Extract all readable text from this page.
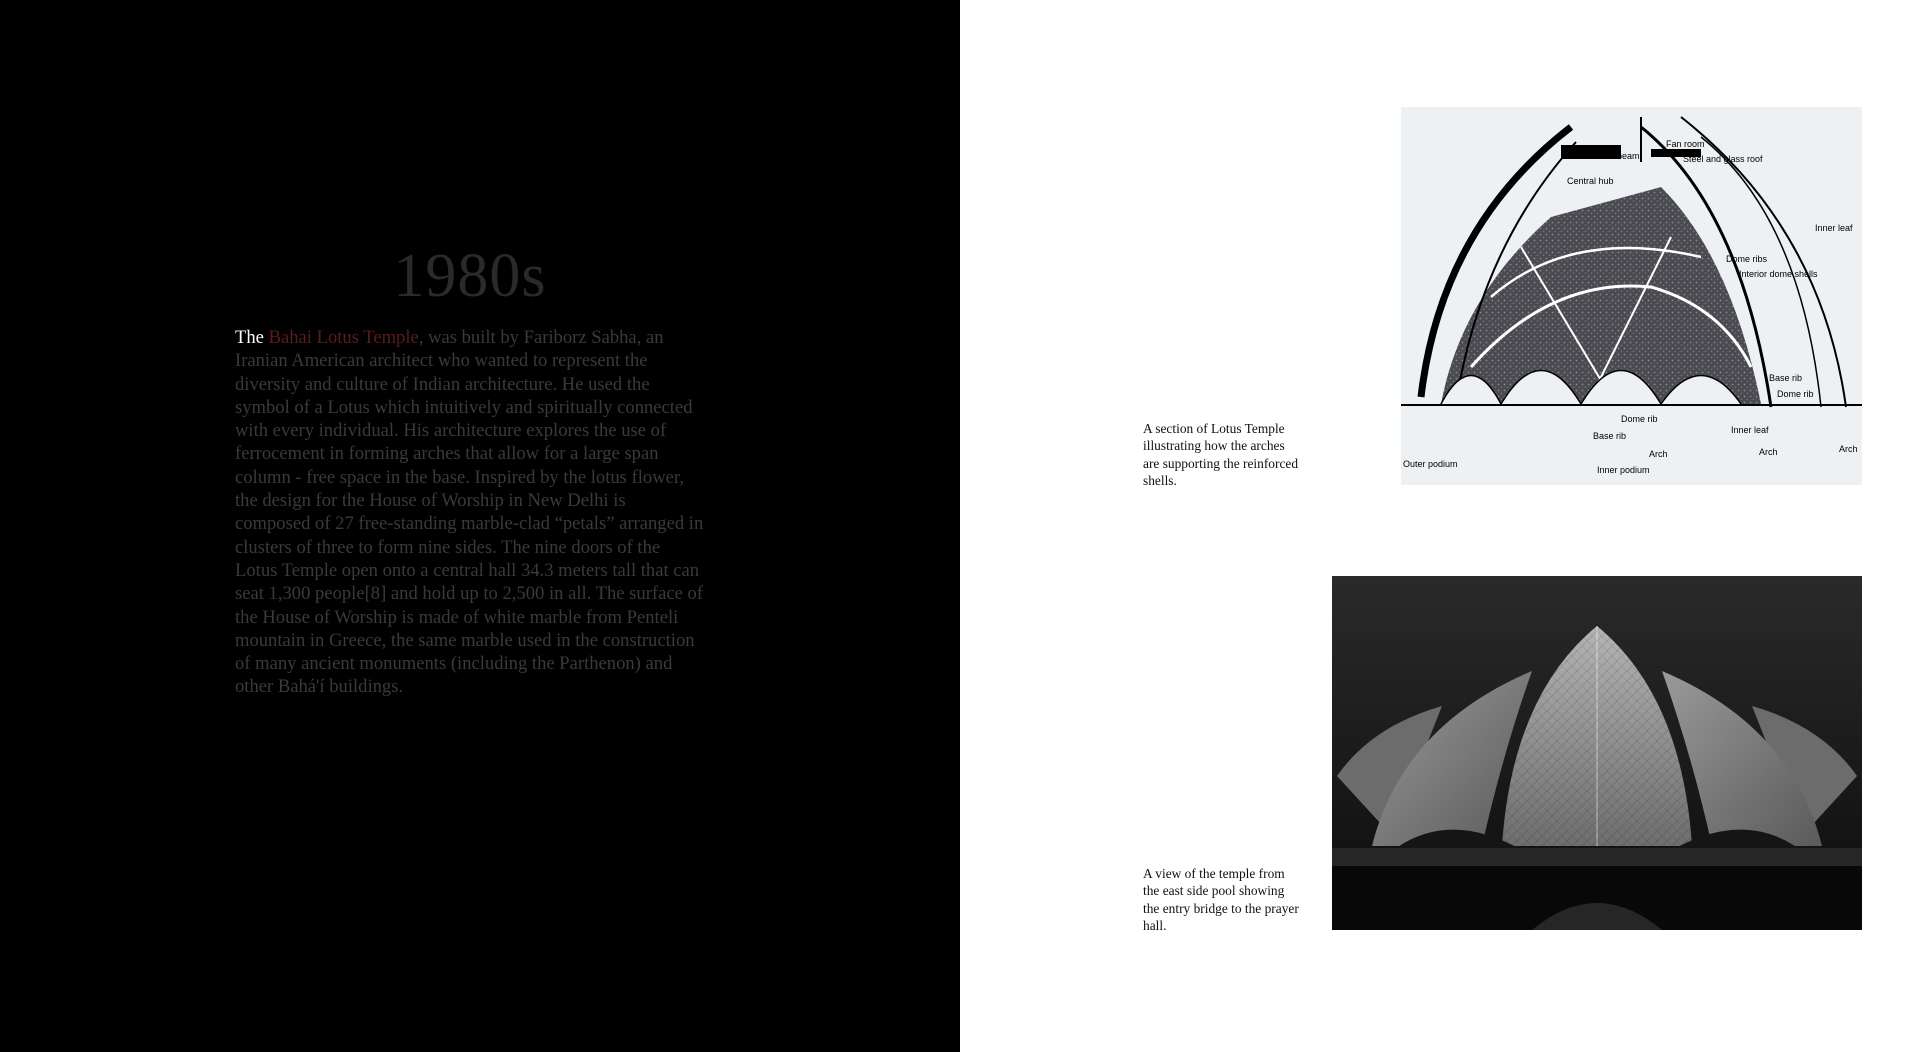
1980s
The Bahai Lotus Temple, was built by Fariborz Sabha, an Iranian American architect who wanted to represent the diversity and culture of Indian architecture. He used the symbol of a Lotus which intuitively and spiritually connected with every individual. His architecture explores the use of ferrocement in forming arches that allow for a large span column - free space in the base. Inspired by the lotus flower, the design for the House of Worship in New Delhi is composed of 27 free-standing marble-clad “petals” arranged in clusters of three to form nine sides. The nine doors of the Lotus Temple open onto a central hall 34.3 meters tall that can seat 1,300 people[8] and hold up to 2,500 in all. The surface of the House of Worship is made of white marble from Penteli mountain in Greece, the same marble used in the construction of many ancient monuments (including the Parthenon) and other Bahá'í buildings.
A section of Lotus Temple illustrating how the arches are supporting the reinforced shells.
Fan room
Radial beam	Steel and glass roof
Central hub
Inner leaf
Dome ribs
Interior dome shells
Base rib
Dome rib
Dome rib
Base rib
Inner leaf
Outer podium
Arch	Arch	Arch
Inner podium
A view of the temple from the east side pool showing the entry bridge to the prayer hall.
